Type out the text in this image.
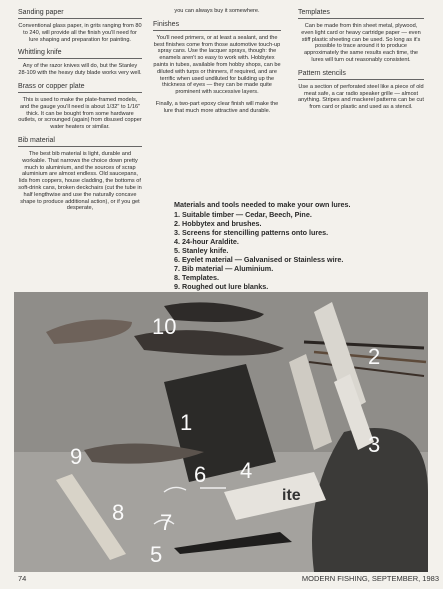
Sanding paper
Conventional glass paper, in grits ranging from 80 to 240, will provide all the finish you'll need for lure shaping and preparation for painting.
Whittling knife
Any of the razor knives will do, but the Stanley 28-109 with the heavy duty blade works very well.
Brass or copper plate
This is used to make the plate-framed models, and the gauge you'll need is about 1/32" to 1/16" thick. It can be bought from some hardware outlets, or scrounged (again) from disused copper water heaters or similar.
Bib material
The best bib material is light, durable and workable. That narrows the choice down pretty much to aluminium, and the sources of scrap aluminium are almost endless. Old saucepans, lids from coppers, house cladding, the bottoms of soft-drink cans, broken deckchairs (cut the tube in half lengthwise and use the naturally concave shape to produce additional action), or if you get desperate,
you can always buy it somewhere.
Finishes
You'll need primers, or at least a sealant, and the best finishes come from those automotive touch-up spray cans. Use the lacquer sprays, though: the enamels aren't so easy to work with. Hobbytex paints in tubes, available from hobby shops, can be diluted with turps or thinners, if required, and are terrific when used undiluted for building up the thickness of eyes — they can be made quite prominent with successive layers.
Finally, a two-part epoxy clear finish will make the lure that much more attractive and durable.
Templates
Can be made from thin sheet metal, plywood, even light card or heavy cartridge paper — even stiff plastic sheeting can be used. So long as it's possible to trace around it to produce approximately the same results each time, the lures will turn out reasonably consistent.
Pattern stencils
Use a section of perforated steel like a piece of old meat safe, a car radio speaker grille — almost anything. Stripes and mackerel patterns can be cut from card or plastic and used as a stencil.
Materials and tools needed to make your own lures.
1. Suitable timber — Cedar, Beech, Pine.
2. Hobbytex and brushes.
3. Screens for stencilling patterns onto lures.
4. 24-hour Araldite.
5. Stanley knife.
6. Eyelet material — Galvanised or Stainless wire.
7. Bib material — Aluminium.
8. Templates.
9. Roughed out lure blanks.
10.
ite
10
2
1
3
9
6 4
8 7
5
74	MODERN FISHING, SEPTEMBER, 1983
